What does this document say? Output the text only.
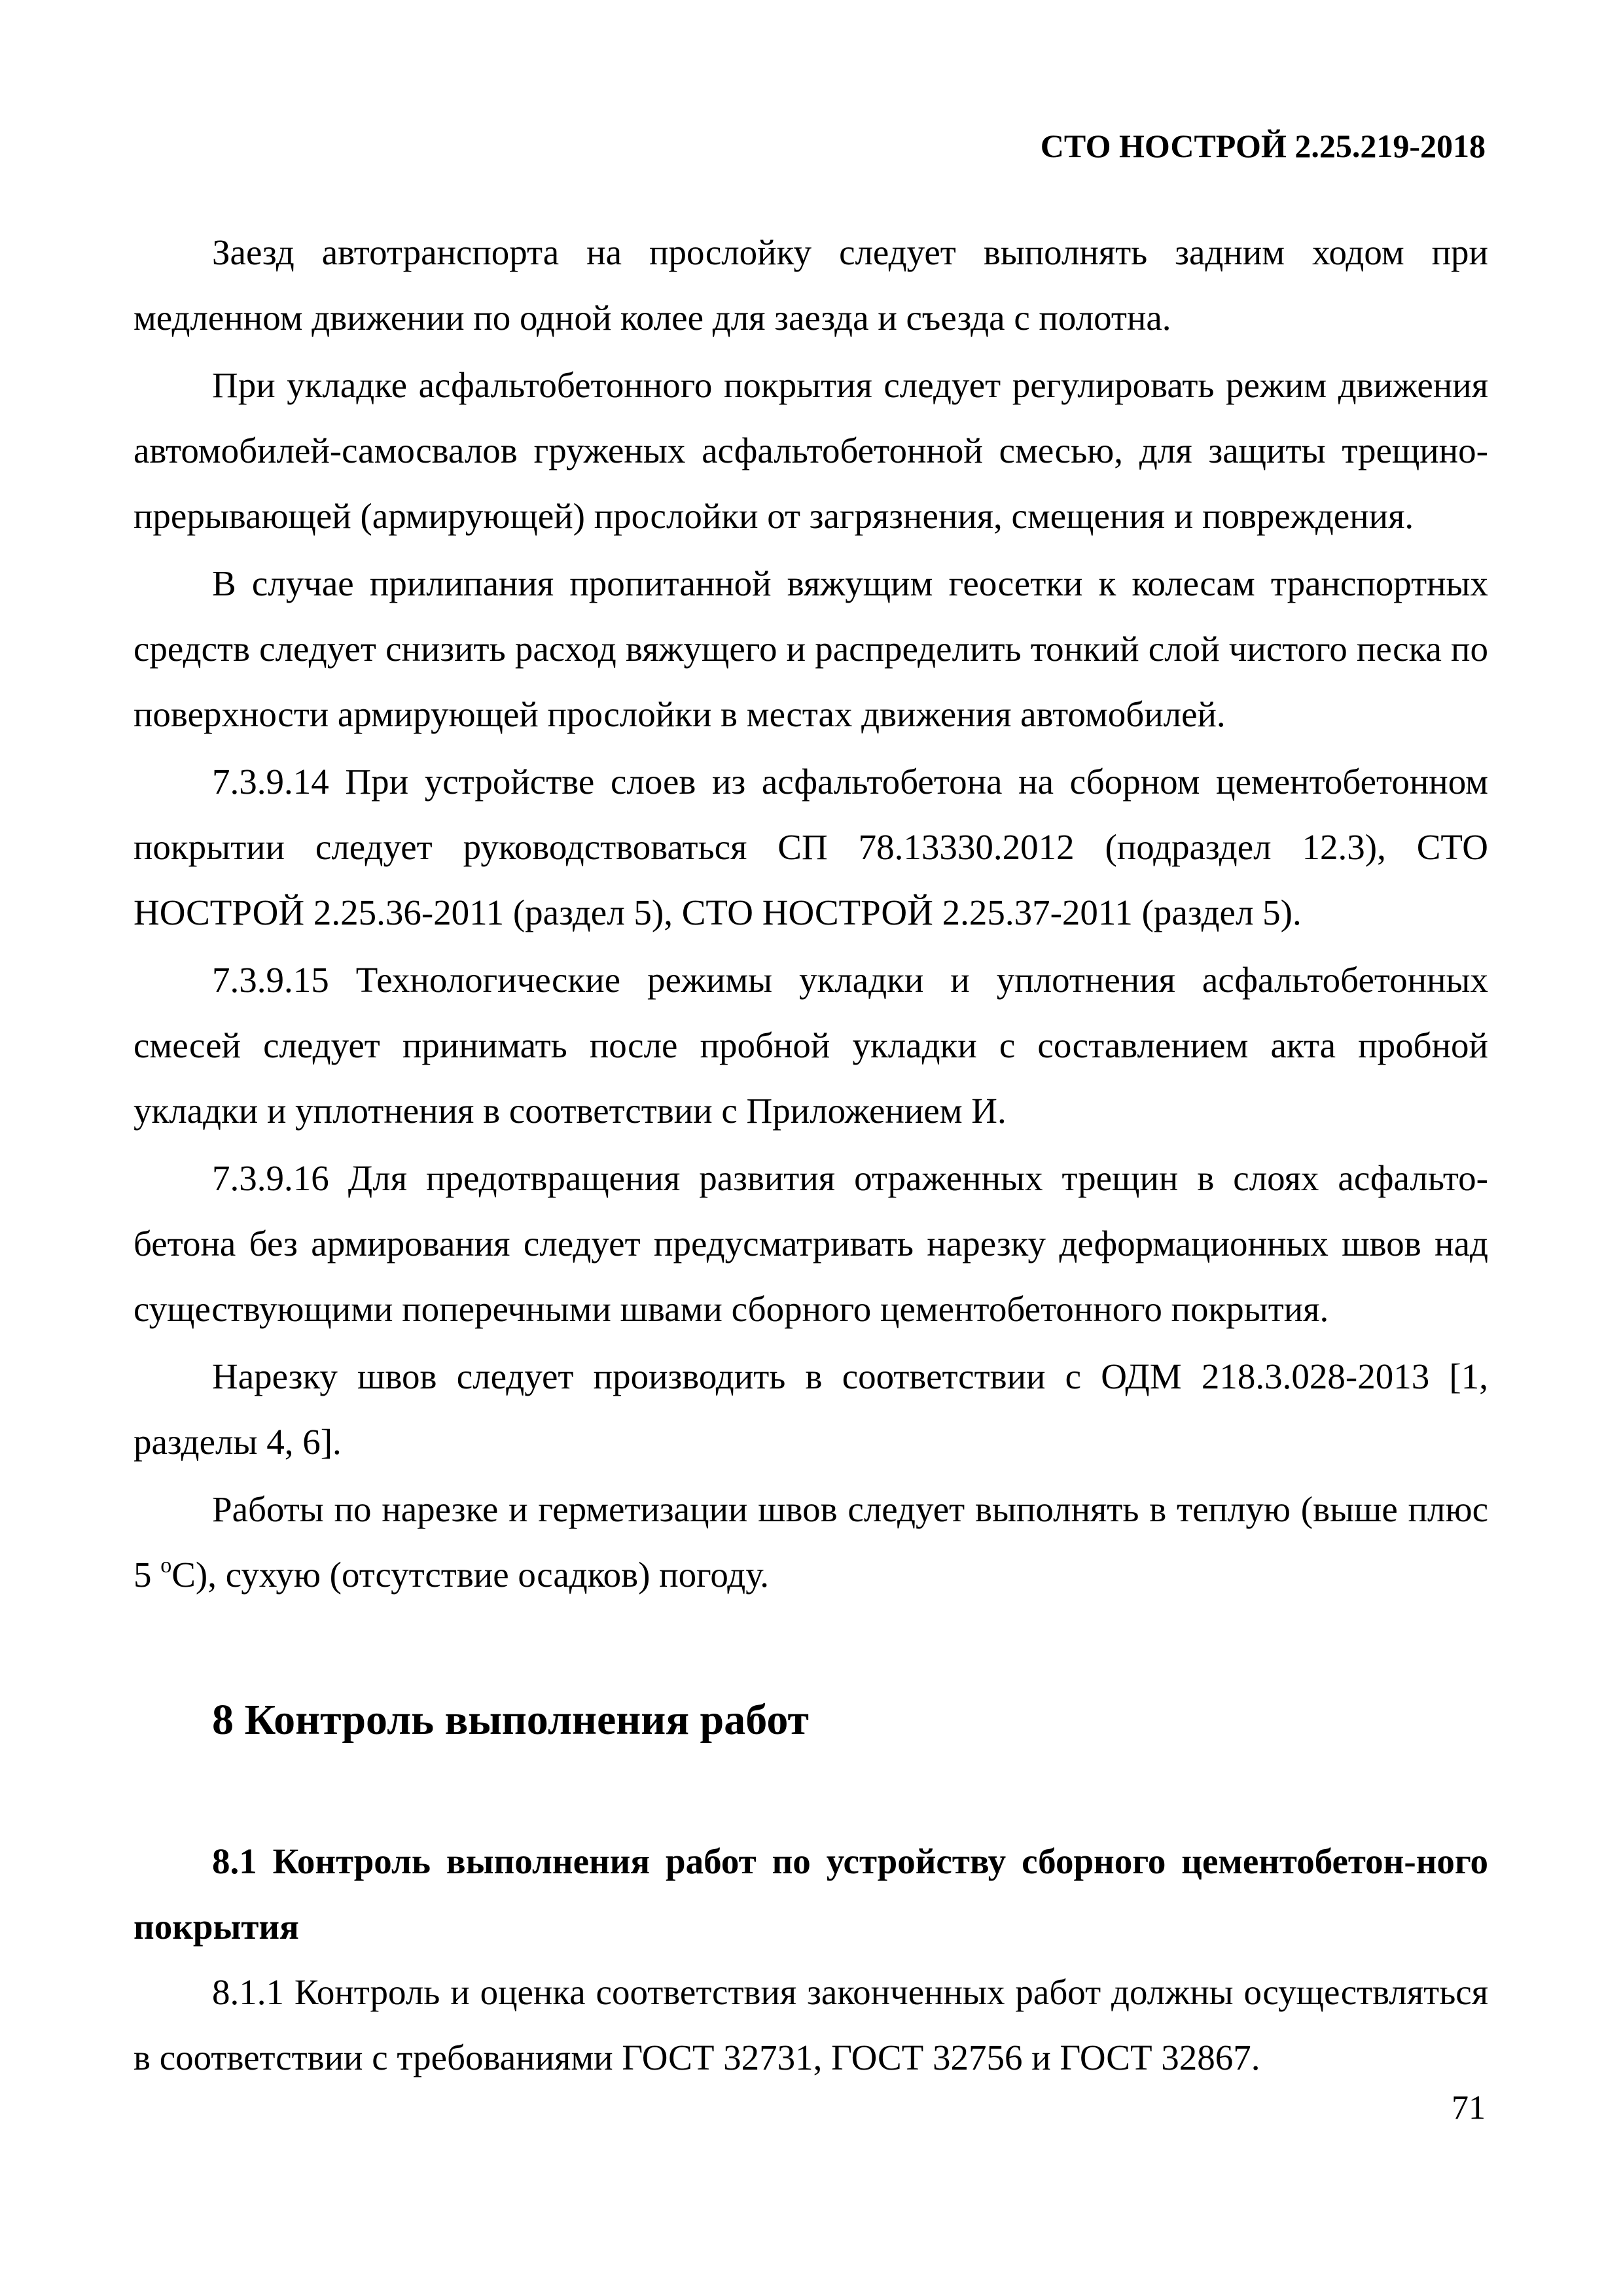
СТО НОСТРОЙ 2.25.219-2018

Заезд автотранспорта на прослойку следует выполнять задним ходом при медленном движении по одной колее для заезда и съезда с полотна.

При укладке асфальтобетонного покрытия следует регулировать режим движения автомобилей-самосвалов груженых асфальтобетонной смесью, для защиты трещино-прерывающей (армирующей) прослойки от загрязнения, смещения и повреждения.

В случае прилипания пропитанной вяжущим геосетки к колесам транспортных средств следует снизить расход вяжущего и распределить тонкий слой чистого песка по поверхности армирующей прослойки в местах движения автомобилей.

7.3.9.14 При устройстве слоев из асфальтобетона на сборном цементобетонном покрытии следует руководствоваться СП 78.13330.2012 (подраздел 12.3), СТО НОСТРОЙ 2.25.36-2011 (раздел 5), СТО НОСТРОЙ 2.25.37-2011 (раздел 5).

7.3.9.15 Технологические режимы укладки и уплотнения асфальтобетонных смесей следует принимать после пробной укладки с составлением акта пробной укладки и уплотнения в соответствии с Приложением И.

7.3.9.16 Для предотвращения развития отраженных трещин в слоях асфальто-бетона без армирования следует предусматривать нарезку деформационных швов над существующими поперечными швами сборного цементобетонного покрытия.

Нарезку швов следует производить в соответствии с ОДМ 218.3.028-2013 [1, разделы 4, 6].

Работы по нарезке и герметизации швов следует выполнять в теплую (выше плюс 5 $^o$С), сухую (отсутствие осадков) погоду.

8 Контроль выполнения работ
8.1 Контроль выполнения работ по устройству сборного цементобетон-ного покрытия

8.1.1 Контроль и оценка соответствия законченных работ должны осуществляться в соответствии с требованиями ГОСТ 32731, ГОСТ 32756 и ГОСТ 32867.

71
